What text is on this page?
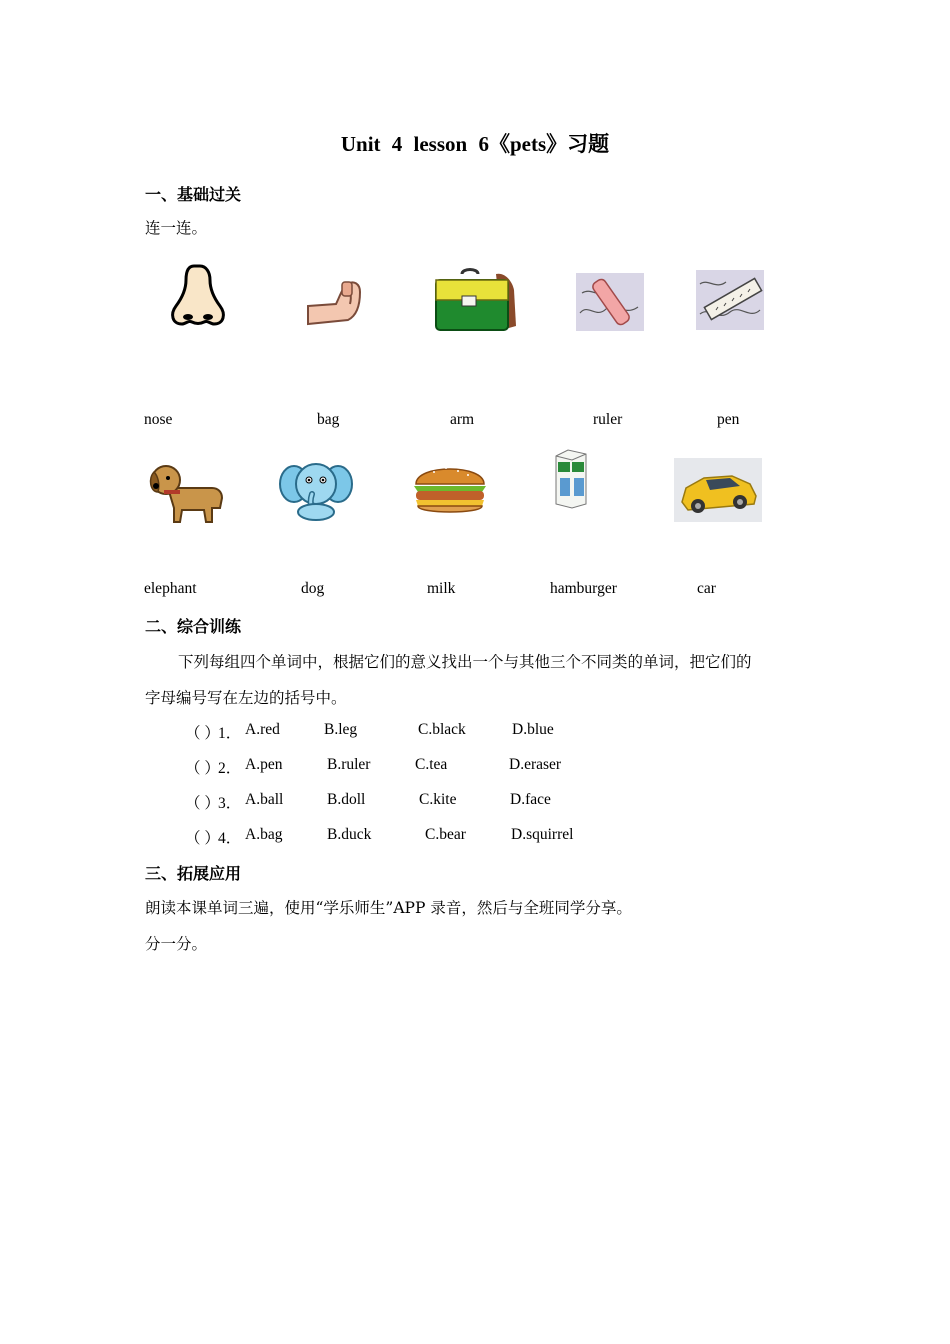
Unit 4 lesson 6《pets》习题
一、基础过关
连一连。
nose	bag	arm	ruler	pen
elephant	dog	milk	hamburger	car
二、综合训练
下列每组四个单词中，根据它们的意义找出一个与其他三个不同类的单词，把它们的
字母编号写在左边的括号中。
（ ）
1． A.red	B.leg	C.black	D.blue
（ ）
2． A.pen	B.ruler	C.tea	D.eraser
（ ）
3． A.ball	B.doll	C.kite	D.face
（ ）
4． A.bag	B.duck	C.bear	D.squirrel
三、拓展应用
朗读本课单词三遍，使用“学乐师生”APP 录音，然后与全班同学分享。
分一分。
